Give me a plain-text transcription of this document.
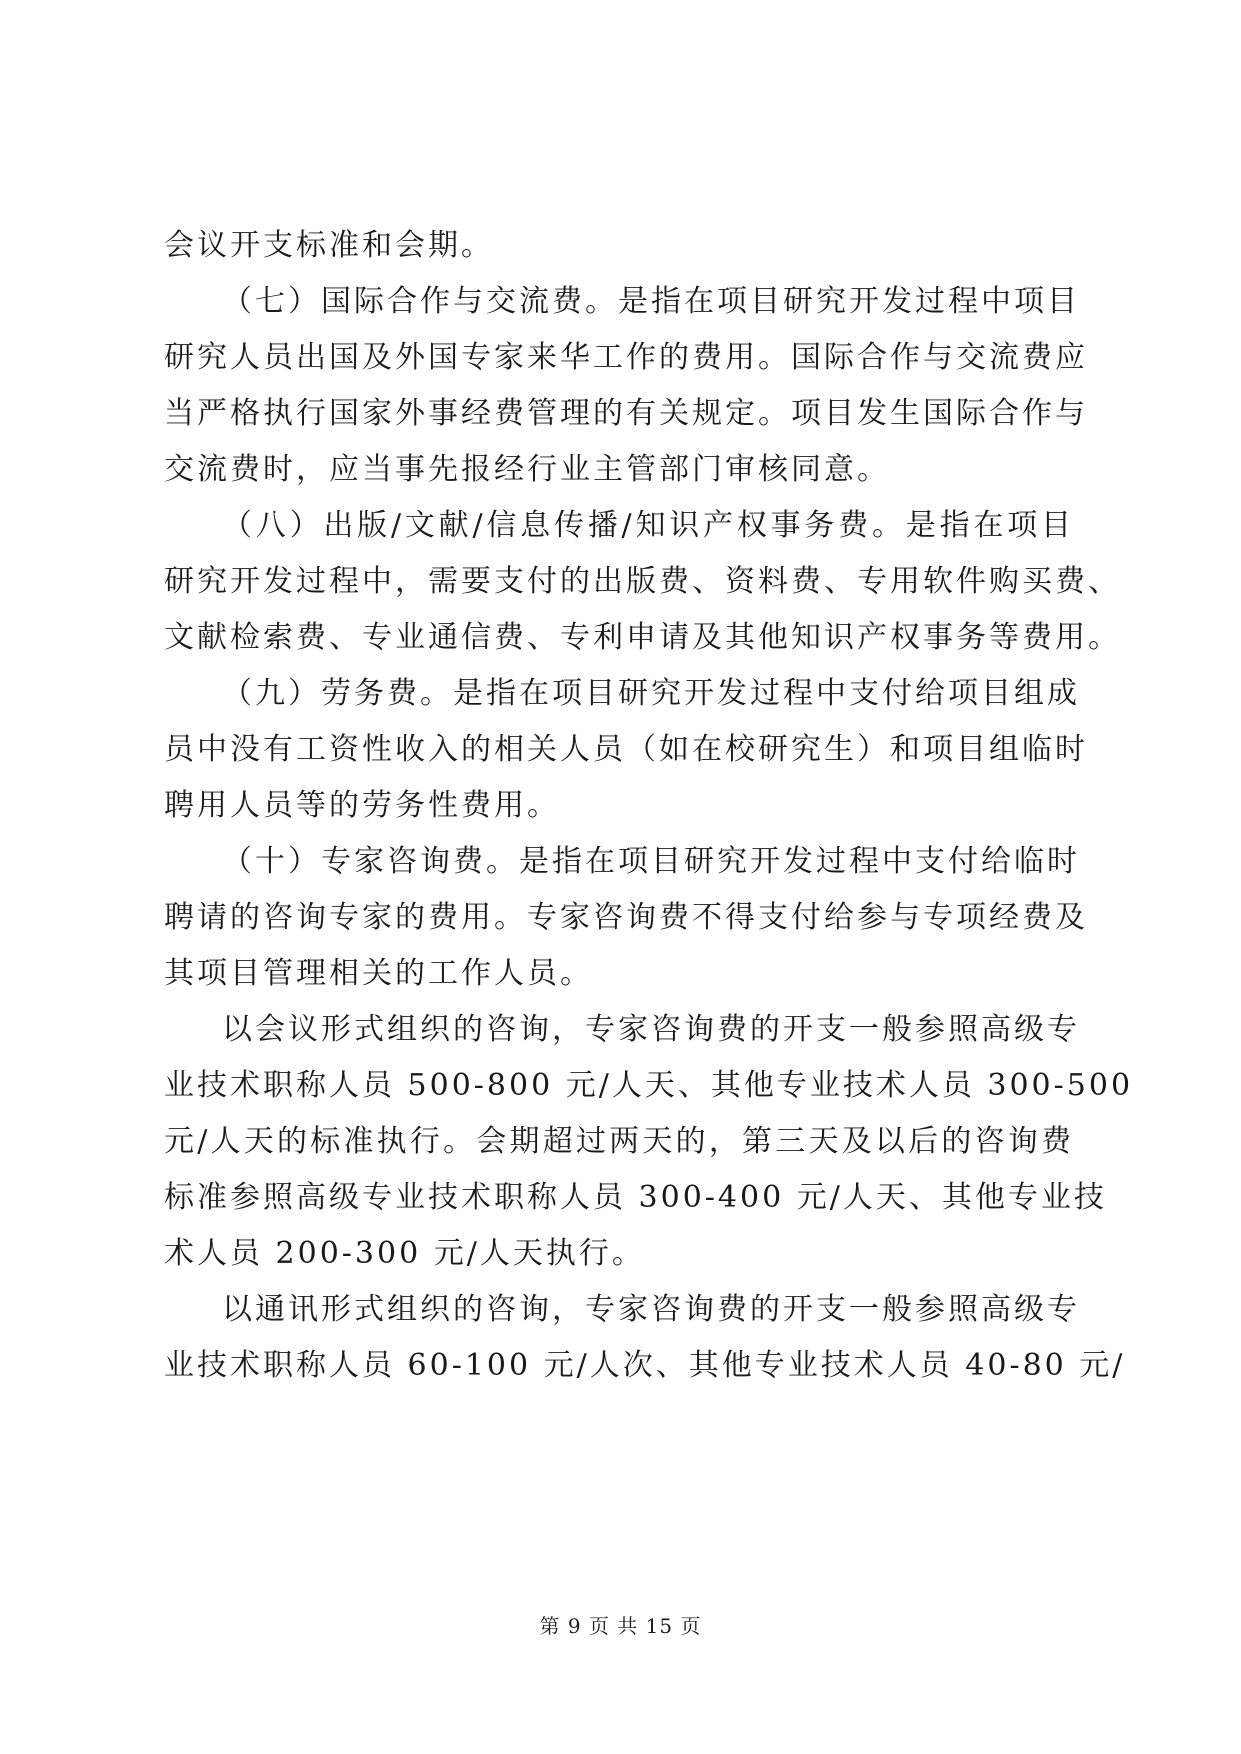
会议开支标准和会期。
（七）国际合作与交流费。是指在项目研究开发过程中项目
研究人员出国及外国专家来华工作的费用。国际合作与交流费应
当严格执行国家外事经费管理的有关规定。项目发生国际合作与
交流费时，应当事先报经行业主管部门审核同意。
（八）出版/文献/信息传播/知识产权事务费。是指在项目
研究开发过程中，需要支付的出版费、资料费、专用软件购买费、
文献检索费、专业通信费、专利申请及其他知识产权事务等费用。
（九）劳务费。是指在项目研究开发过程中支付给项目组成
员中没有工资性收入的相关人员（如在校研究生）和项目组临时
聘用人员等的劳务性费用。
（十）专家咨询费。是指在项目研究开发过程中支付给临时
聘请的咨询专家的费用。专家咨询费不得支付给参与专项经费及
其项目管理相关的工作人员。
以会议形式组织的咨询，专家咨询费的开支一般参照高级专
业技术职称人员 500-800 元/人天、其他专业技术人员 300-500
元/人天的标准执行。会期超过两天的，第三天及以后的咨询费
标准参照高级专业技术职称人员 300-400 元/人天、其他专业技
术人员 200-300 元/人天执行。
以通讯形式组织的咨询，专家咨询费的开支一般参照高级专
业技术职称人员 60-100 元/人次、其他专业技术人员 40-80 元/
第 9 页 共 15 页
